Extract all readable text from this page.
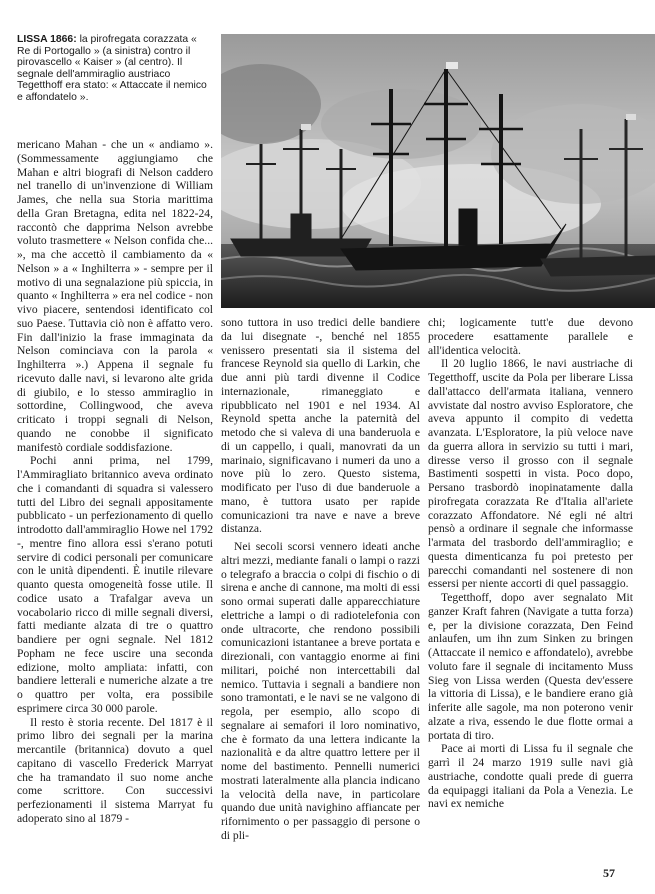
LISSA 1866: la pirofregata corazzata « Re di Portogallo » (a sinistra) contro il pirovascello « Kaiser » (al centro). Il segnale dell'ammiraglio austriaco Tegetthoff era stato: « Attaccate il nemico e affondatelo ».

mericano Mahan - che un « andiamo ». (Sommessamente aggiungiamo che Mahan e altri biografi di Nelson caddero nel tranello di un'invenzione di William James, che nella sua Storia marittima della Gran Bretagna, edita nel 1822-24, raccontò che dapprima Nelson avrebbe voluto trasmettere « Nelson confida che... », ma che accettò il cambiamento da « Nelson » a « Inghilterra » - sempre per il motivo di una segnalazione più spiccia, in quanto « Inghilterra » era nel codice - non vivo piacere, sentendosi identificato col suo Paese. Tuttavia ciò non è affatto vero. Fin dall'inizio la frase immaginata da Nelson cominciava con la parola « Inghilterra ».) Appena il segnale fu ricevuto dalle navi, si levarono alte grida di giubilo, e lo stesso ammiraglio in sottordine, Collingwood, che aveva criticato i troppi segnali di Nelson, quando ne conobbe il significato manifestò cordiale soddisfazione.

Pochi anni prima, nel 1799, l'Ammiragliato britannico aveva ordinato che i comandanti di squadra si valessero tutti del Libro dei segnali appositamente pubblicato - un perfezionamento di quello introdotto dall'ammiraglio Howe nel 1792 -, mentre fino allora essi s'erano potuti servire di codici personali per comunicare con le unità dipendenti. È inutile rilevare quanto questa omogeneità fosse utile. Il codice usato a Trafalgar aveva un vocabolario ricco di mille segnali diversi, fatti mediante alzata di tre o quattro bandiere per ogni segnale. Nel 1812 Popham ne fece uscire una seconda edizione, molto ampliata: infatti, con bandiere letterali e numeriche alzate a tre o quattro per volta, era possibile esprimere circa 30 000 parole.

Il resto è storia recente. Del 1817 è il primo libro dei segnali per la marina mercantile (britannica) dovuto a quel capitano di vascello Frederick Marryat che ha tramandato il suo nome anche come scrittore. Con successivi perfezionamenti il sistema Marryat fu adoperato sino al 1879 -

sono tuttora in uso tredici delle bandiere da lui disegnate -, benché nel 1855 venissero presentati sia il sistema del francese Reynold sia quello di Larkin, che due anni più tardi divenne il Codice internazionale, rimaneggiato e ripubblicato nel 1901 e nel 1934. Al Reynold spetta anche la paternità del metodo che si valeva di una banderuola e di un cappello, i quali, manovrati da un marinaio, significavano i numeri da uno a nove più lo zero. Questo sistema, modificato per l'uso di due banderuole a mano, è tuttora usato per rapide comunicazioni tra nave e nave a breve distanza.

Nei secoli scorsi vennero ideati anche altri mezzi, mediante fanali o lampi o razzi o telegrafo a braccia o colpi di fischio o di sirena e anche di cannone, ma molti di essi sono ormai superati dalle apparecchiature elettriche a lampi o di radiotelefonia con onde ultracorte, che rendono possibili comunicazioni istantanee a breve portata e direzionali, con vantaggio enorme ai fini militari, poiché non intercettabili dal nemico. Tuttavia i segnali a bandiere non sono tramontati, e le navi se ne valgono di regola, per esempio, allo scopo di segnalare ai semafori il loro nominativo, che è formato da una lettera indicante la nazionalità e da altre quattro lettere per il nome del bastimento. Pennelli numerici mostrati lateralmente alla plancia indicano la velocità della nave, in particolare quando due unità navighino affiancate per rifornimento o per passaggio di persone o di pli-

chi; logicamente tutt'e due devono procedere esattamente parallele e all'identica velocità.

Il 20 luglio 1866, le navi austriache di Tegetthoff, uscite da Pola per liberare Lissa dall'attacco dell'armata italiana, vennero avvistate dal nostro avviso Esploratore, che aveva appunto il compito di vedetta avanzata. L'Esploratore, la più veloce nave da guerra allora in servizio su tutti i mari, diresse verso il grosso con il segnale Bastimenti sospetti in vista. Poco dopo, Persano trasbordò inopinatamente dalla pirofregata corazzata Re d'Italia all'ariete corazzato Affondatore. Né egli né altri pensò a ordinare il segnale che informasse l'armata del trasbordo dell'ammiraglio; e questa dimenticanza fu poi pretesto per parecchi comandanti nel sostenere di non essersi per niente accorti di quel passaggio.

Tegetthoff, dopo aver segnalato Mit ganzer Kraft fahren (Navigate a tutta forza) e, per la divisione corazzata, Den Feind anlaufen, um ihn zum Sinken zu bringen (Attaccate il nemico e affondatelo), avrebbe voluto fare il segnale di incitamento Muss Sieg von Lissa werden (Questa dev'essere la vittoria di Lissa), e le bandiere erano già inferite alle sagole, ma non poterono venir alzate a riva, essendo le due flotte ormai a portata di tiro.

Pace ai morti di Lissa fu il segnale che garrì il 24 marzo 1919 sulle navi già austriache, condotte quali prede di guerra da equipaggi italiani da Pola a Venezia. Le navi ex nemiche

57
